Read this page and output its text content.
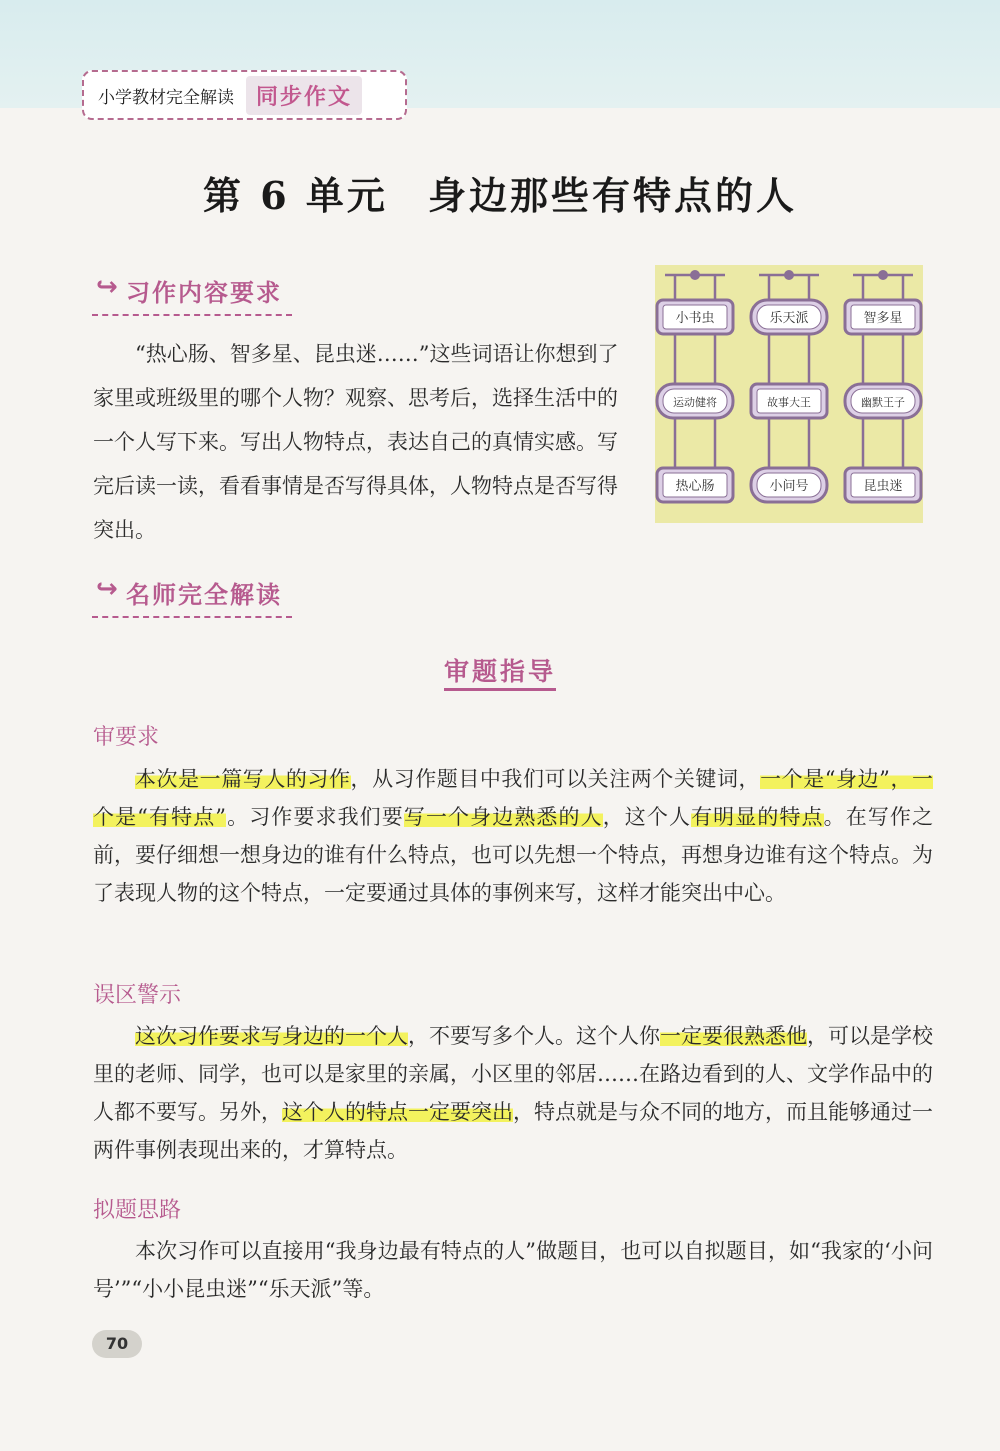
小学教材完全解读	同步作文
第 6 单元 身边那些有特点的人
↪ 习作内容要求

“热心肠、智多星、昆虫迷……”这些词语让你想到了家里或班级里的哪个人物？观察、思考后，选择生活中的一个人写下来。写出人物特点，表达自己的真情实感。写完后读一读，看看事情是否写得具体，人物特点是否写得突出。

小书虫	乐天派	智多星
运动健将	故事大王	幽默王子
热心肠	小问号	昆虫迷
↪ 名师完全解读
审题指导
审要求

本次是一篇写人的习作，从习作题目中我们可以关注两个关键词，一个是“身边”，一个是“有特点”。习作要求我们要写一个身边熟悉的人，这个人有明显的特点。在写作之前，要仔细想一想身边的谁有什么特点，也可以先想一个特点，再想身边谁有这个特点。为了表现人物的这个特点，一定要通过具体的事例来写，这样才能突出中心。

误区警示

这次习作要求写身边的一个人，不要写多个人。这个人你一定要很熟悉他，可以是学校里的老师、同学，也可以是家里的亲属，小区里的邻居……在路边看到的人、文学作品中的人都不要写。另外，这个人的特点一定要突出，特点就是与众不同的地方，而且能够通过一两件事例表现出来的，才算特点。

拟题思路

本次习作可以直接用“我身边最有特点的人”做题目，也可以自拟题目，如“我家的‘小问号’”“小小昆虫迷”“乐天派”等。

70
